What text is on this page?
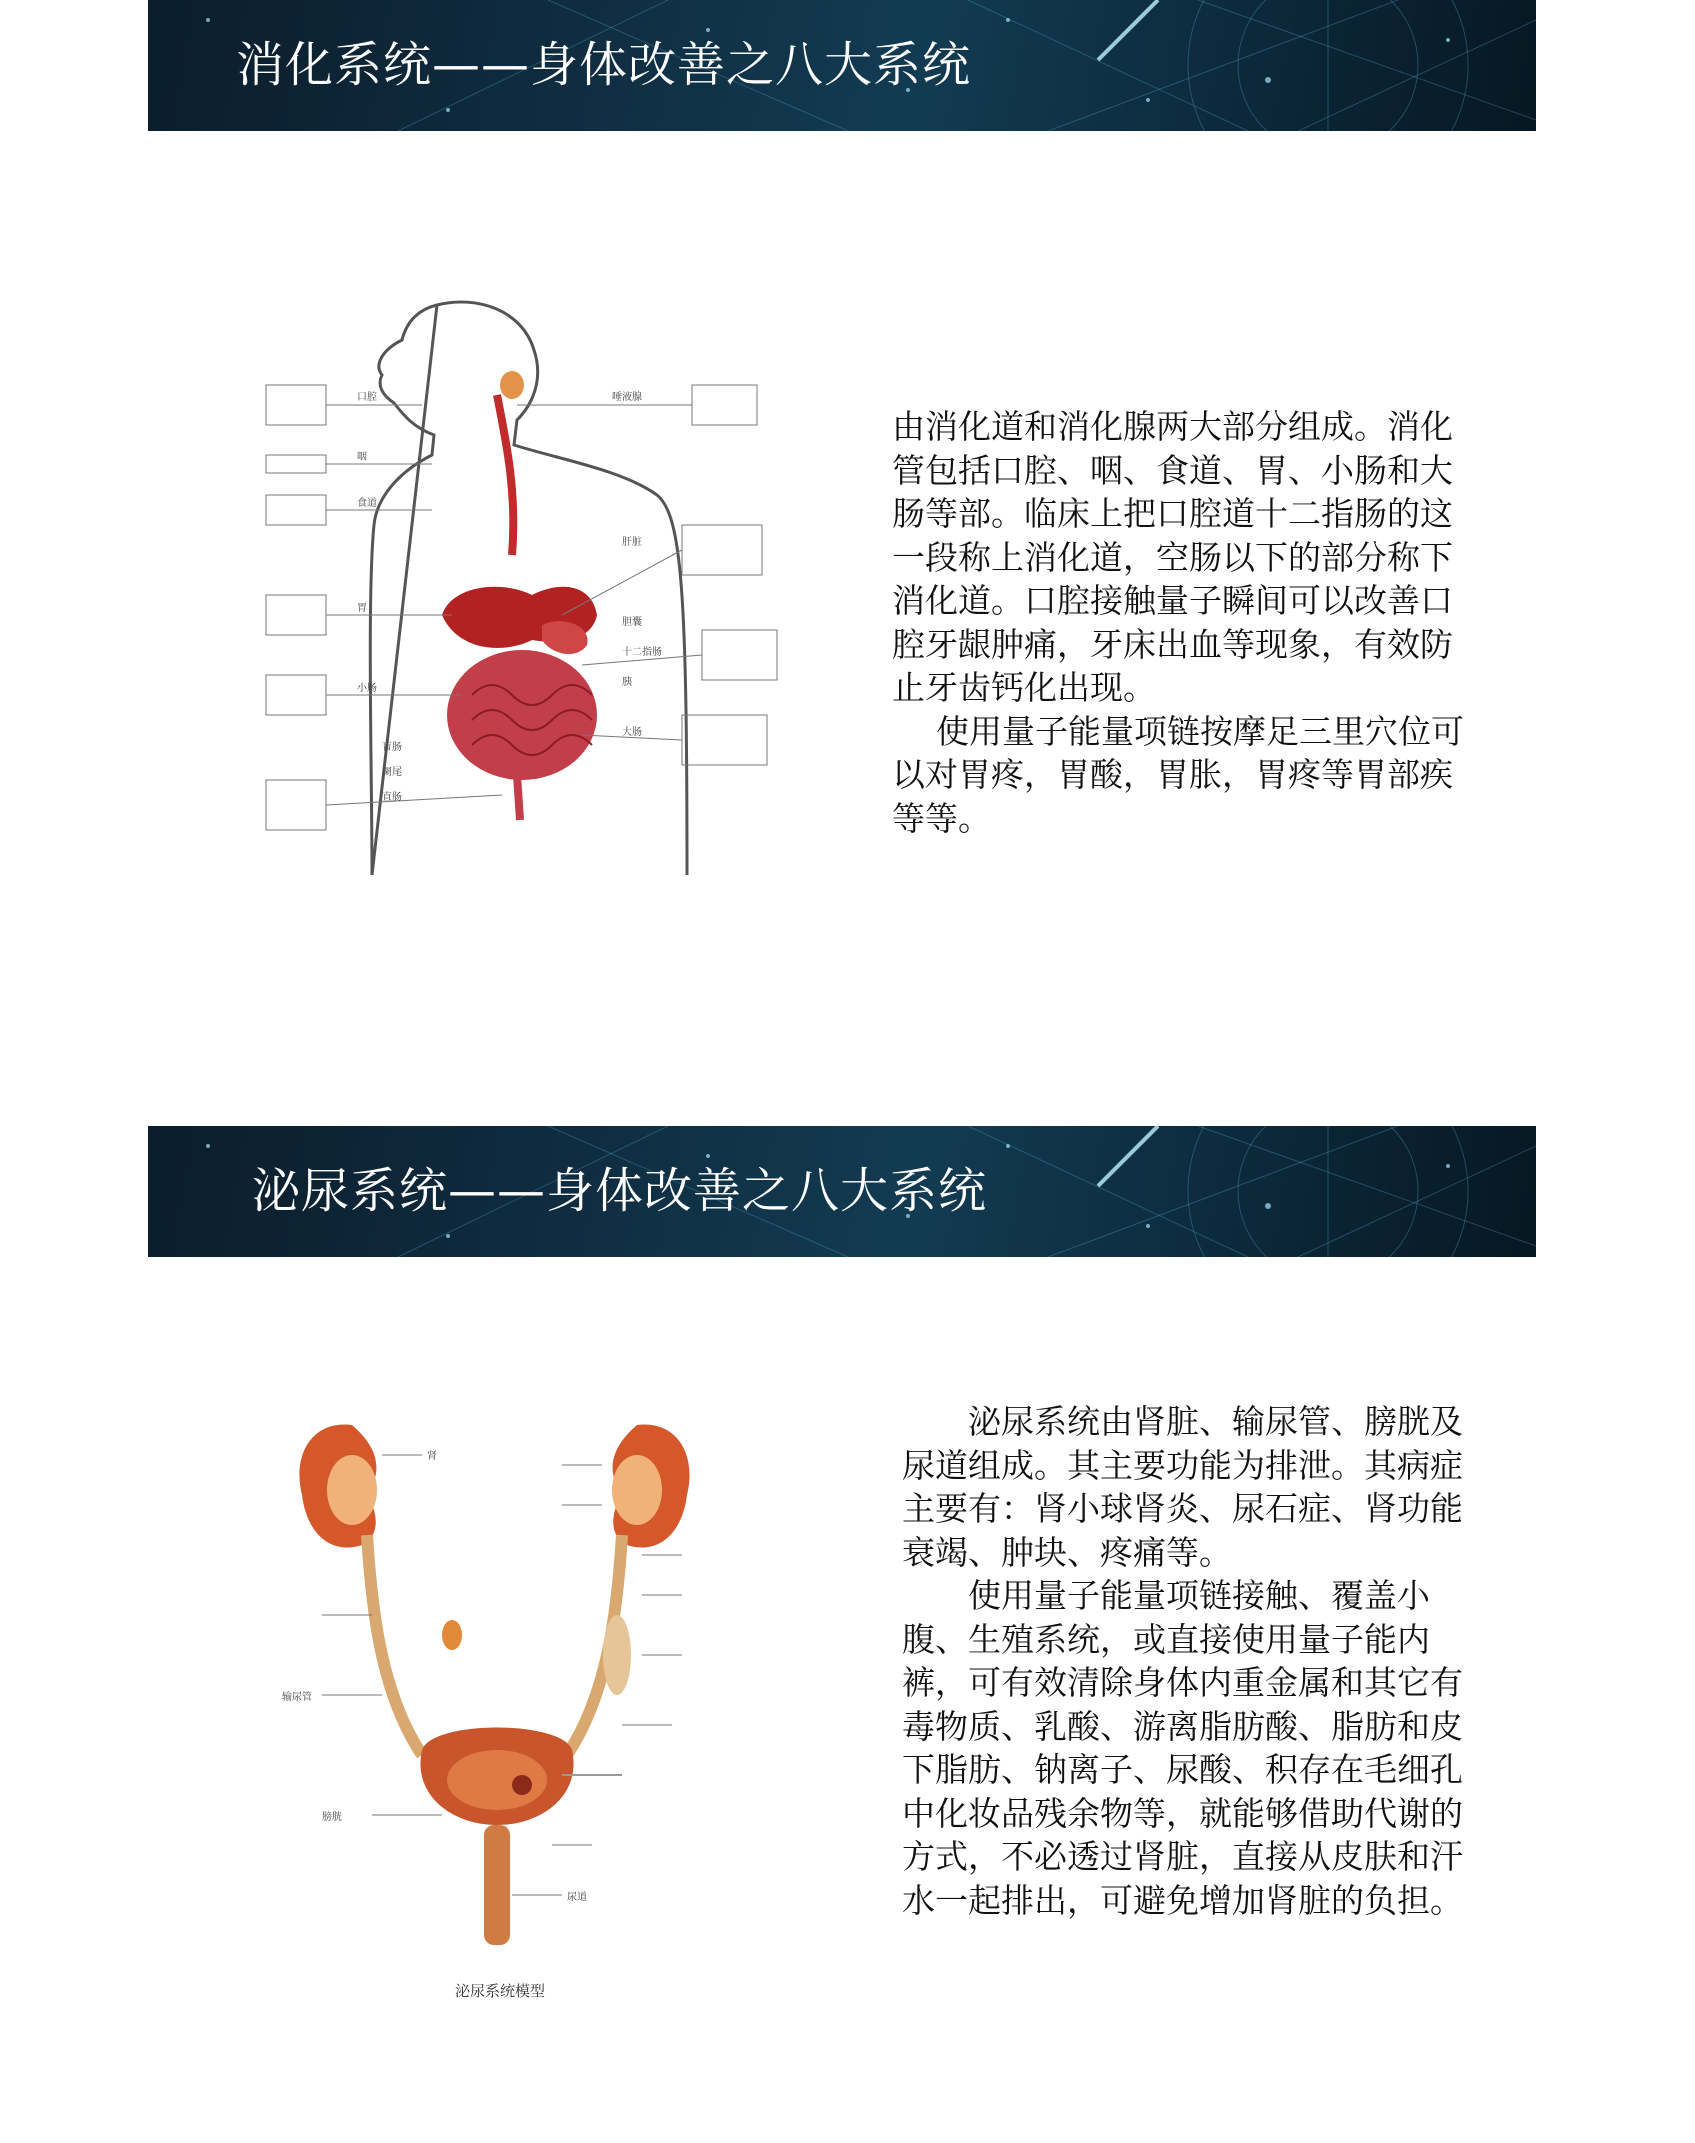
消化系统——身体改善之八大系统
口腔
咽
食道
胃
小肠
盲肠
阑尾
直肠
唾液腺
肝脏
胆囊
十二指肠
胰
大肠

由消化道和消化腺两大部分组成。消化管包括口腔、咽、食道、胃、小肠和大肠等部。临床上把口腔道十二指肠的这一段称上消化道，空肠以下的部分称下消化道。口腔接触量子瞬间可以改善口腔牙龈肿痛，牙床出血等现象，有效防止牙齿钙化出现。

使用量子能量项链按摩足三里穴位可以对胃疼，胃酸，胃胀，胃疼等胃部疾等等。

泌尿系统——身体改善之八大系统
肾
输尿管
膀胱
尿道
泌尿系统模型

泌尿系统由肾脏、输尿管、膀胱及尿道组成。其主要功能为排泄。其病症主要有：肾小球肾炎、尿石症、肾功能衰竭、肿块、疼痛等。

使用量子能量项链接触、覆盖小腹、生殖系统，或直接使用量子能内裤，可有效清除身体内重金属和其它有毒物质、乳酸、游离脂肪酸、脂肪和皮下脂肪、钠离子、尿酸、积存在毛细孔中化妆品残余物等，就能够借助代谢的方式，不必透过肾脏，直接从皮肤和汗水一起排出，可避免增加肾脏的负担。
